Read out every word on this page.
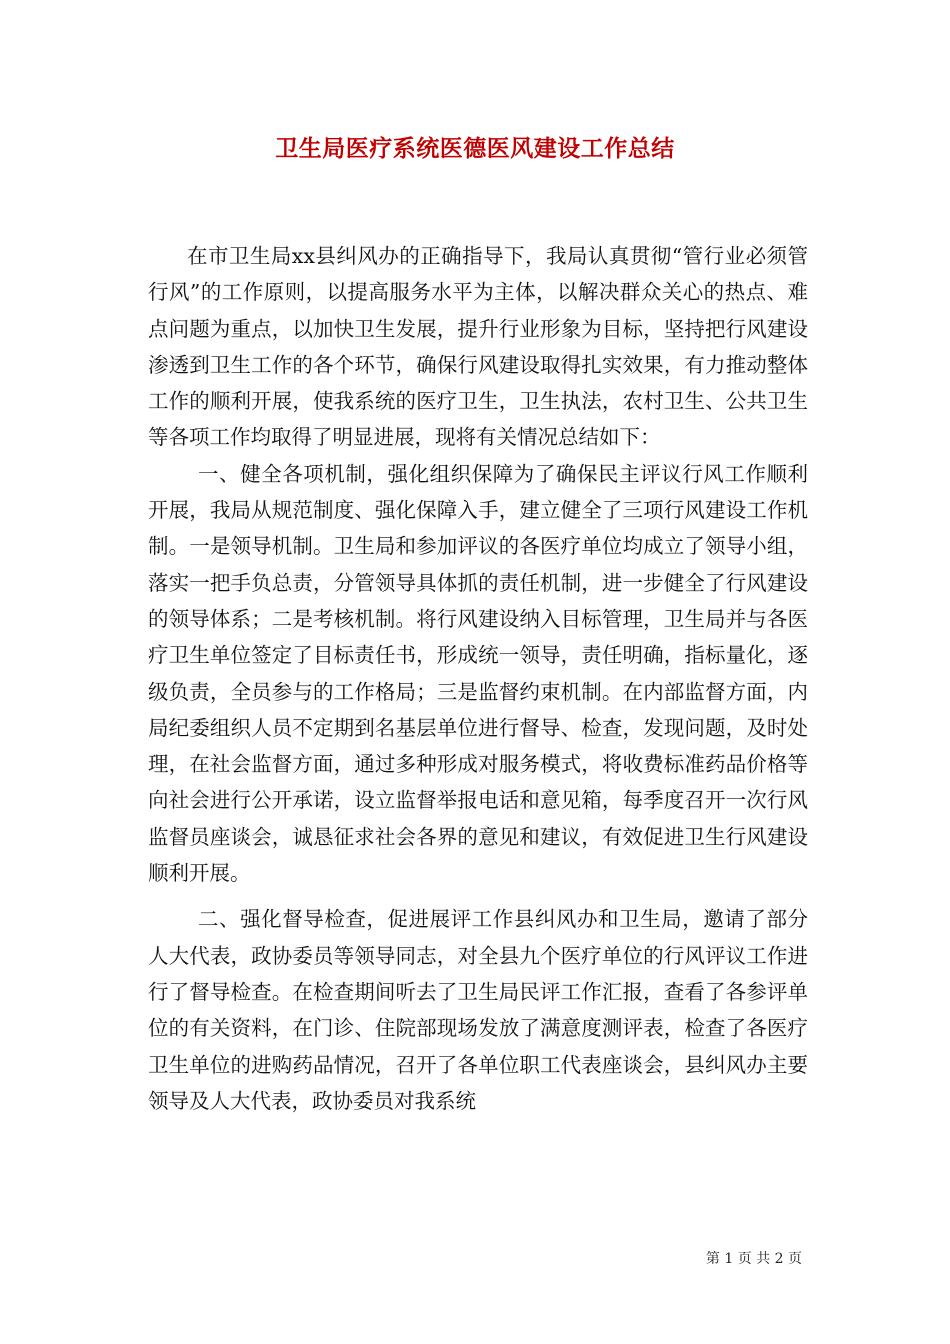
卫生局医疗系统医德医风建设工作总结

在市卫生局xx县纠风办的正确指导下，我局认真贯彻“管行业必须管行风”的工作原则，以提高服务水平为主体，以解决群众关心的热点、难点问题为重点，以加快卫生发展，提升行业形象为目标，坚持把行风建设渗透到卫生工作的各个环节，确保行风建设取得扎实效果，有力推动整体工作的顺利开展，使我系统的医疗卫生，卫生执法，农村卫生、公共卫生等各项工作均取得了明显进展，现将有关情况总结如下：

一、健全各项机制，强化组织保障为了确保民主评议行风工作顺利开展，我局从规范制度、强化保障入手，建立健全了三项行风建设工作机制。一是领导机制。卫生局和参加评议的各医疗单位均成立了领导小组，落实一把手负总责，分管领导具体抓的责任机制，进一步健全了行风建设的领导体系；二是考核机制。将行风建设纳入目标管理，卫生局并与各医疗卫生单位签定了目标责任书，形成统一领导，责任明确，指标量化，逐级负责，全员参与的工作格局；三是监督约束机制。在内部监督方面，内局纪委组织人员不定期到名基层单位进行督导、检查，发现问题，及时处理，在社会监督方面，通过多种形成对服务模式，将收费标准药品价格等向社会进行公开承诺，设立监督举报电话和意见箱，每季度召开一次行风监督员座谈会，诚恳征求社会各界的意见和建议，有效促进卫生行风建设顺利开展。

二、强化督导检查，促进展评工作县纠风办和卫生局，邀请了部分人大代表，政协委员等领导同志，对全县九个医疗单位的行风评议工作进行了督导检查。在检查期间听去了卫生局民评工作汇报，查看了各参评单位的有关资料，在门诊、住院部现场发放了满意度测评表，检查了各医疗卫生单位的进购药品情况，召开了各单位职工代表座谈会，县纠风办主要领导及人大代表，政协委员对我系统

第 1 页 共 2 页
